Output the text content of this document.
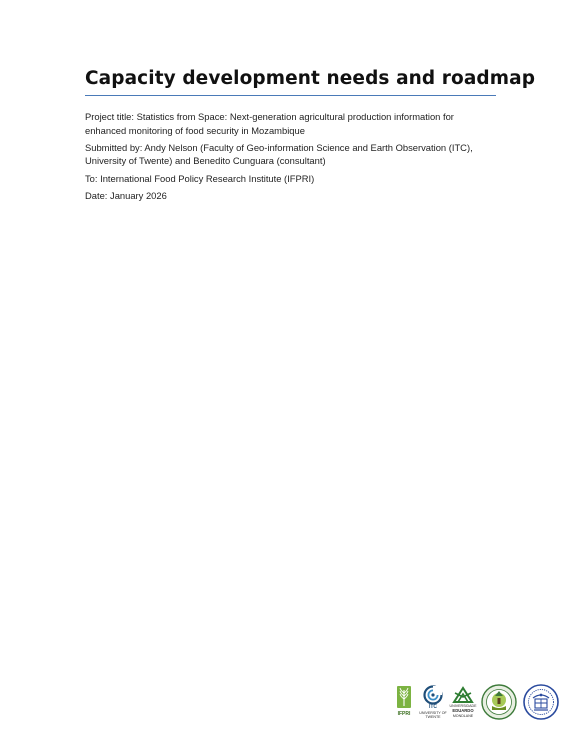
Capacity development needs and roadmap

Project title: Statistics from Space: Next-generation agricultural production information for enhanced monitoring of food security in Mozambique

Submitted by: Andy Nelson (Faculty of Geo-information Science and Earth Observation (ITC), University of Twente) and Benedito Cunguara (consultant)

To: International Food Policy Research Institute (IFPRI)

Date: January 2026

IFPRI
ITC
UNIVERSITY OF TWENTE
UNIVERSIDADE
EDUARDO
MONDLANE
